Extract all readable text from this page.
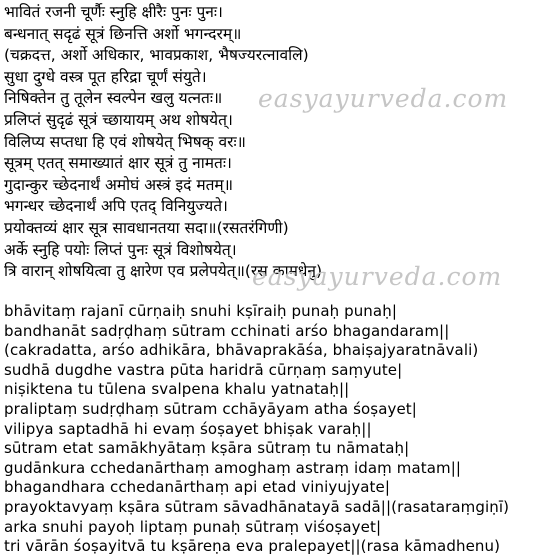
भावितं रजनी चूर्णैः स्नुहि क्षीरैः पुनः पुनः।
बन्धनात् सदृढं सूत्रं छिनत्ति अर्शो भगन्दरम्॥
(चक्रदत्त, अर्शो अधिकार, भावप्रकाश, भैषज्यरत्नावलि)
सुधा दुग्धे वस्त्र पूत हरिद्रा चूर्णं संयुते।
निषिक्तेन तु तूलेन स्वल्पेन खलु यत्नतः॥
प्रलिप्तं सुदृढं सूत्रं च्छायायम् अथ शोषयेत्।
विलिप्य सप्तधा हि एवं शोषयेत् भिषक् वरः॥
सूत्रम् एतत् समाख्यातं क्षार सूत्रं तु नामतः।
गुदान्कुर च्छेदनार्थं अमोघं अस्त्रं इदं मतम्॥
भगन्धर च्छेदनार्थं अपि एतद् विनियुज्यते।
प्रयोक्तव्यं क्षार सूत्र सावधानतया सदा॥(रसतरंगिणी)
अर्के स्नुहि पयोः लिप्तं पुनः सूत्रं विशोषयेत्।
त्रि वारान् शोषयित्वा तु क्षारेण एव प्रलेपयेत्॥(रस कामधेनु)
bhāvitaṃ rajanī cūrṇaiḥ snuhi kṣīraiḥ punaḥ punaḥ|
bandhanāt sadṛḍhaṃ sūtram cchinati arśo bhagandaram||
(cakradatta, arśo adhikāra, bhāvaprakāśa, bhaiṣajyaratnāvali)
sudhā dugdhe vastra pūta haridrā cūrṇaṃ saṃyute|
niṣiktena tu tūlena svalpena khalu yatnataḥ||
praliptaṃ sudṛḍhaṃ sūtram cchāyāyam atha śoṣayet|
vilipya saptadhā hi evaṃ śoṣayet bhiṣak varaḥ||
sūtram etat samākhyātaṃ kṣāra sūtraṃ tu nāmataḥ|
gudānkura cchedanārthaṃ amoghaṃ astraṃ idaṃ matam||
bhagandhara cchedanārthaṃ api etad viniyujyate|
prayoktavyaṃ kṣāra sūtram sāvadhānatayā sadā||(rasataraṃgiṇī)
arka snuhi payoḥ liptaṃ punaḥ sūtraṃ viśoṣayet|
tri vārān śoṣayitvā tu kṣāreṇa eva pralepayet||(rasa kāmadhenu)
easyayurveda.com
easyayurveda.com
